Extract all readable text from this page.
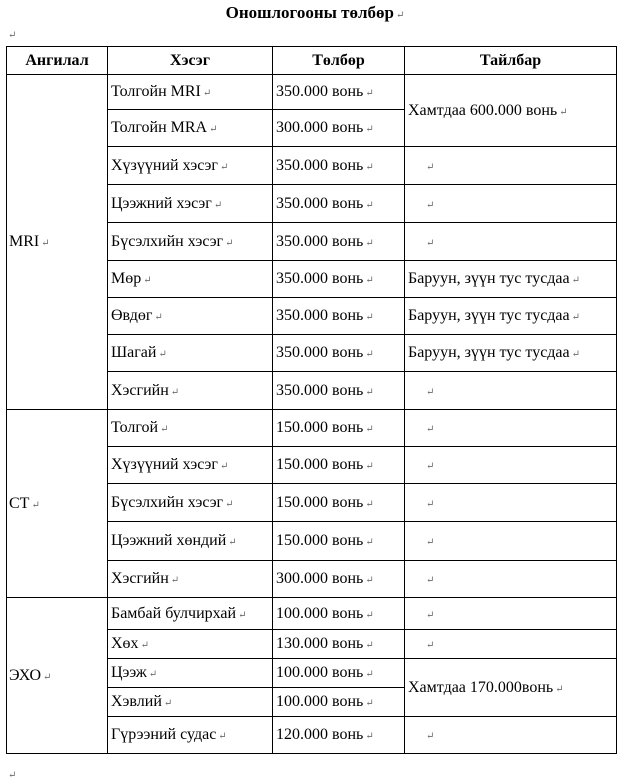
Оношлогооны төлбөр ↵
↵
Ангилал	Хэсэг	Төлбөр	Тайлбар
MRI ↵	Толгойн MRI ↵	350.000 вонь ↵	Хамтдаа 600.000 вонь ↵
	Толгойн MRA ↵	300.000 вонь ↵	
	Хүзүүний хэсэг ↵	350.000 вонь ↵	↵
	Цээжний хэсэг ↵	350.000 вонь ↵	↵
	Бүсэлхийн хэсэг ↵	350.000 вонь ↵	↵
	Мөр ↵	350.000 вонь ↵	Баруун, зүүн тус тусдаа ↵
	Өвдөг ↵	350.000 вонь ↵	Баруун, зүүн тус тусдаа ↵
	Шагай ↵	350.000 вонь ↵	Баруун, зүүн тус тусдаа ↵
	Хэсгийн ↵	350.000 вонь ↵	↵
CT ↵	Толгой ↵	150.000 вонь ↵	↵
	Хүзүүний хэсэг ↵	150.000 вонь ↵	↵
	Бүсэлхийн хэсэг ↵	150.000 вонь ↵	↵
	Цээжний хөндий ↵	150.000 вонь ↵	↵
	Хэсгийн ↵	300.000 вонь ↵	↵
ЭХО ↵	Бамбай булчирхай ↵	100.000 вонь ↵	↵
	Хөх ↵	130.000 вонь ↵	↵
	Цээж ↵	100.000 вонь ↵	Хамтдаа 170.000вонь ↵
	Хэвлий ↵	100.000 вонь ↵	
	Гүрээний судас ↵	120.000 вонь ↵	↵
↵
